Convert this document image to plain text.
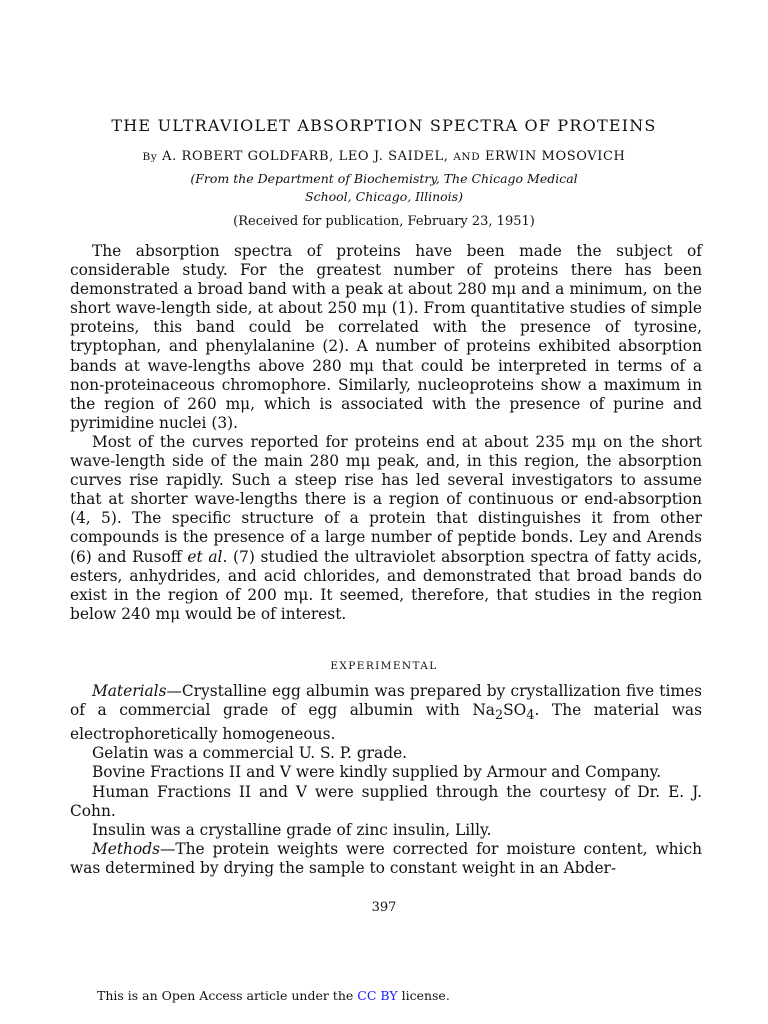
THE ULTRAVIOLET ABSORPTION SPECTRA OF PROTEINS
By A. ROBERT GOLDFARB, LEO J. SAIDEL, AND ERWIN MOSOVICH
(From the Department of Biochemistry, The Chicago Medical
School, Chicago, Illinois)
(Received for publication, February 23, 1951)

The absorption spectra of proteins have been made the subject of considerable study. For the greatest number of proteins there has been demonstrated a broad band with a peak at about 280 mμ and a minimum, on the short wave-length side, at about 250 mμ (1). From quantitative studies of simple proteins, this band could be correlated with the presence of tyrosine, tryptophan, and phenylalanine (2). A number of proteins exhibited absorption bands at wave-lengths above 280 mμ that could be interpreted in terms of a non-proteinaceous chromophore. Similarly, nucleoproteins show a maximum in the region of 260 mμ, which is associated with the presence of purine and pyrimidine nuclei (3).

Most of the curves reported for proteins end at about 235 mμ on the short wave-length side of the main 280 mμ peak, and, in this region, the absorption curves rise rapidly. Such a steep rise has led several investigators to assume that at shorter wave-lengths there is a region of continuous or end-absorption (4, 5). The specific structure of a protein that distinguishes it from other compounds is the presence of a large number of peptide bonds. Ley and Arends (6) and Rusoff et al. (7) studied the ultraviolet absorption spectra of fatty acids, esters, anhydrides, and acid chlorides, and demonstrated that broad bands do exist in the region of 200 mμ. It seemed, therefore, that studies in the region below 240 mμ would be of interest.

EXPERIMENTAL

Materials—Crystalline egg albumin was prepared by crystallization five times of a commercial grade of egg albumin with $Na_2SO_4$. The material was electrophoretically homogeneous.

Gelatin was a commercial U. S. P. grade.

Bovine Fractions II and V were kindly supplied by Armour and Company.

Human Fractions II and V were supplied through the courtesy of Dr. E. J. Cohn.

Insulin was a crystalline grade of zinc insulin, Lilly.

Methods—The protein weights were corrected for moisture content, which was determined by drying the sample to constant weight in an Abder-

397
This is an Open Access article under the CC BY license.
